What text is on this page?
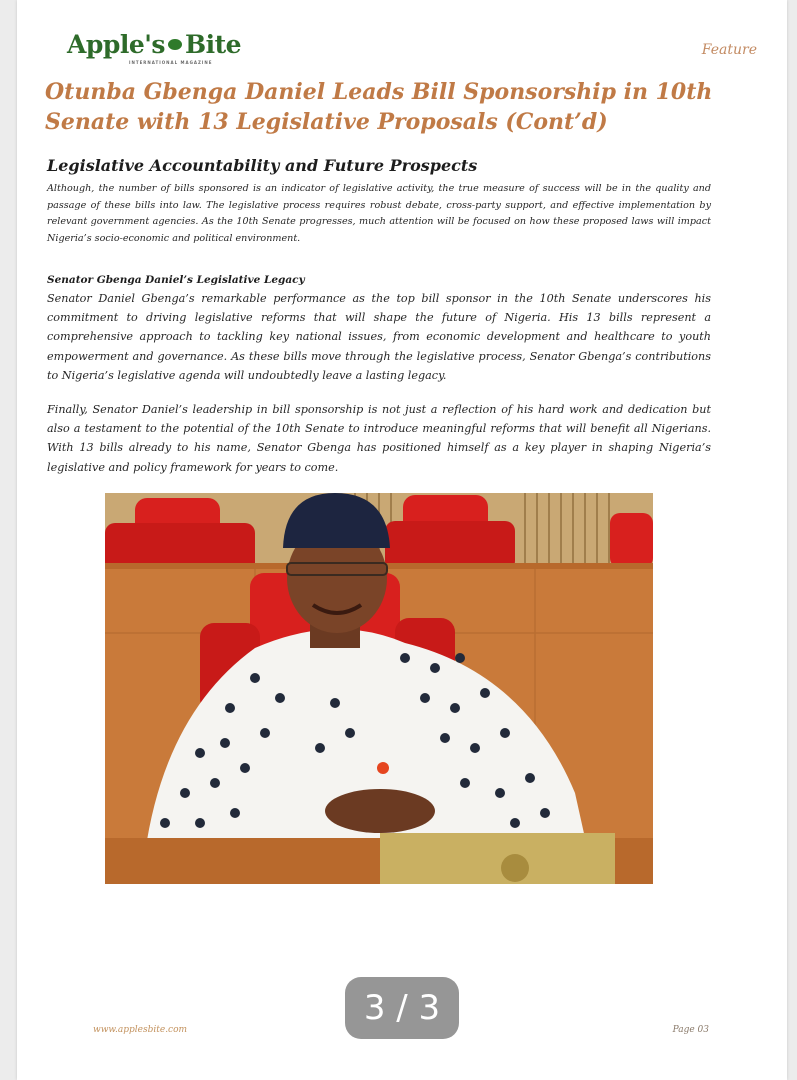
Apple's Bite
INTERNATIONAL MAGAZINE
Feature
Otunba Gbenga Daniel Leads Bill Sponsorship in 10th Senate with 13 Legislative Proposals (Cont’d)
Legislative Accountability and Future Prospects

Although, the number of bills sponsored is an indicator of legislative activity, the true measure of success will be in the quality and passage of these bills into law. The legislative process requires robust debate, cross-party support, and effective implementation by relevant government agencies. As the 10th Senate progresses, much attention will be focused on how these proposed laws will impact Nigeria’s socio-economic and political environment.

Senator Gbenga Daniel’s Legislative Legacy

Senator Daniel Gbenga’s remarkable performance as the top bill sponsor in the 10th Senate underscores his commitment to driving legislative reforms that will shape the future of Nigeria. His 13 bills represent a comprehensive approach to tackling key national issues, from economic development and healthcare to youth empowerment and governance. As these bills move through the legislative process, Senator Gbenga’s contributions to Nigeria’s legislative agenda will undoubtedly leave a lasting legacy.

Finally, Senator Daniel’s leadership in bill sponsorship is not just a reflection of his hard work and dedication but also a testament to the potential of the 10th Senate to introduce meaningful reforms that will benefit all Nigerians. With 13 bills already to his name, Senator Gbenga has positioned himself as a key player in shaping Nigeria’s legislative and policy framework for years to come.

www.applesbite.com	Page 03
3 / 3
